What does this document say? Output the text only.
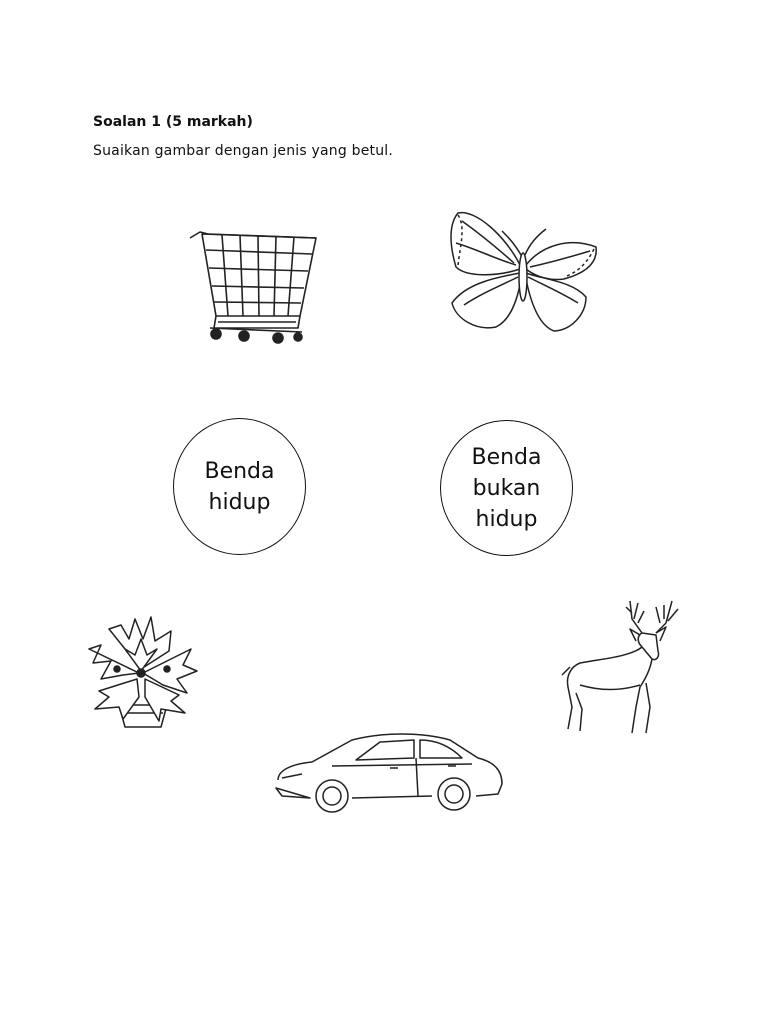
Soalan 1 (5 markah)
Suaikan gambar dengan jenis yang betul.
Benda
hidup
Benda
bukan
hidup
